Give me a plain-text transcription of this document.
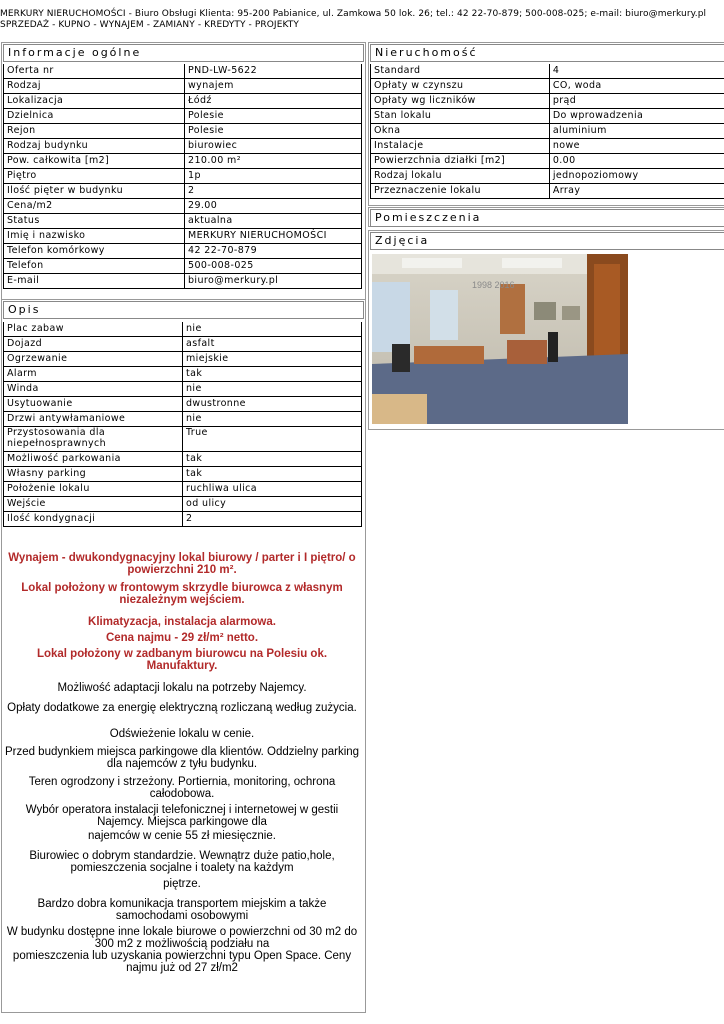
MERKURY NIERUCHOMOŚCI - Biuro Obsługi Klienta: 95-200 Pabianice, ul. Zamkowa 50 lok. 26; tel.: 42 22-70-879; 500-008-025; e-mail: biuro@merkury.pl
SPRZEDAŻ - KUPNO - WYNAJEM - ZAMIANY - KREDYTY - PROJEKTY
Informacje ogólne
Oferta nr	PND-LW-5622
Rodzaj	wynajem
Lokalizacja	Łódź
Dzielnica	Polesie
Rejon	Polesie
Rodzaj budynku	biurowiec
Pow. całkowita [m2]	210.00 m²
Piętro	1p
Ilość pięter w budynku	2
Cena/m2	29.00
Status	aktualna
Imię i nazwisko	MERKURY NIERUCHOMOŚCI
Telefon komórkowy	42 22-70-879
Telefon	500-008-025
E-mail	biuro@merkury.pl
Opis
Plac zabaw	nie
Dojazd	asfalt
Ogrzewanie	miejskie
Alarm	tak
Winda	nie
Usytuowanie	dwustronne
Drzwi antywłamaniowe	nie
Przystosowania dla niepełnosprawnych	True
Możliwość parkowania	tak
Własny parking	tak
Położenie lokalu	ruchliwa ulica
Wejście	od ulicy
Ilość kondygnacji	2

Wynajem - dwukondygnacyjny lokal biurowy / parter i I piętro/ o powierzchni 210 m².

Lokal położony w frontowym skrzydle biurowca z własnym niezależnym wejściem.

Klimatyzacja, instalacja alarmowa.

Cena najmu - 29 zł/m² netto.

Lokal położony w zadbanym biurowcu na Polesiu ok. Manufaktury.

Możliwość adaptacji lokalu na potrzeby Najemcy.

Opłaty dodatkowe za energię elektryczną rozliczaną według zużycia.

Odświeżenie lokalu w cenie.

Przed budynkiem miejsca parkingowe dla klientów. Oddzielny parking dla najemców z tyłu budynku.

Teren ogrodzony i strzeżony. Portiernia, monitoring, ochrona całodobowa.

Wybór operatora instalacji telefonicznej i internetowej w gestii Najemcy. Miejsca parkingowe dla

najemców w cenie 55 zł miesięcznie.

Biurowiec o dobrym standardzie. Wewnątrz duże patio,hole, pomieszczenia socjalne i toalety na każdym

piętrze.

Bardzo dobra komunikacja transportem miejskim a także samochodami osobowymi

W budynku dostępne inne lokale biurowe o powierzchni od 30 m2 do 300 m2 z możliwością podziału na

pomieszczenia lub uzyskania powierzchni typu Open Space. Ceny najmu już od 27 zł/m2

Nieruchomość
Standard	4
Opłaty w czynszu	CO, woda
Opłaty wg liczników	prąd
Stan lokalu	Do wprowadzenia
Okna	aluminium
Instalacje	nowe
Powierzchnia działki [m2]	0.00
Rodzaj lokalu	jednopoziomowy
Przeznaczenie lokalu	Array
Pomieszczenia
Zdjęcia
1998 2016
